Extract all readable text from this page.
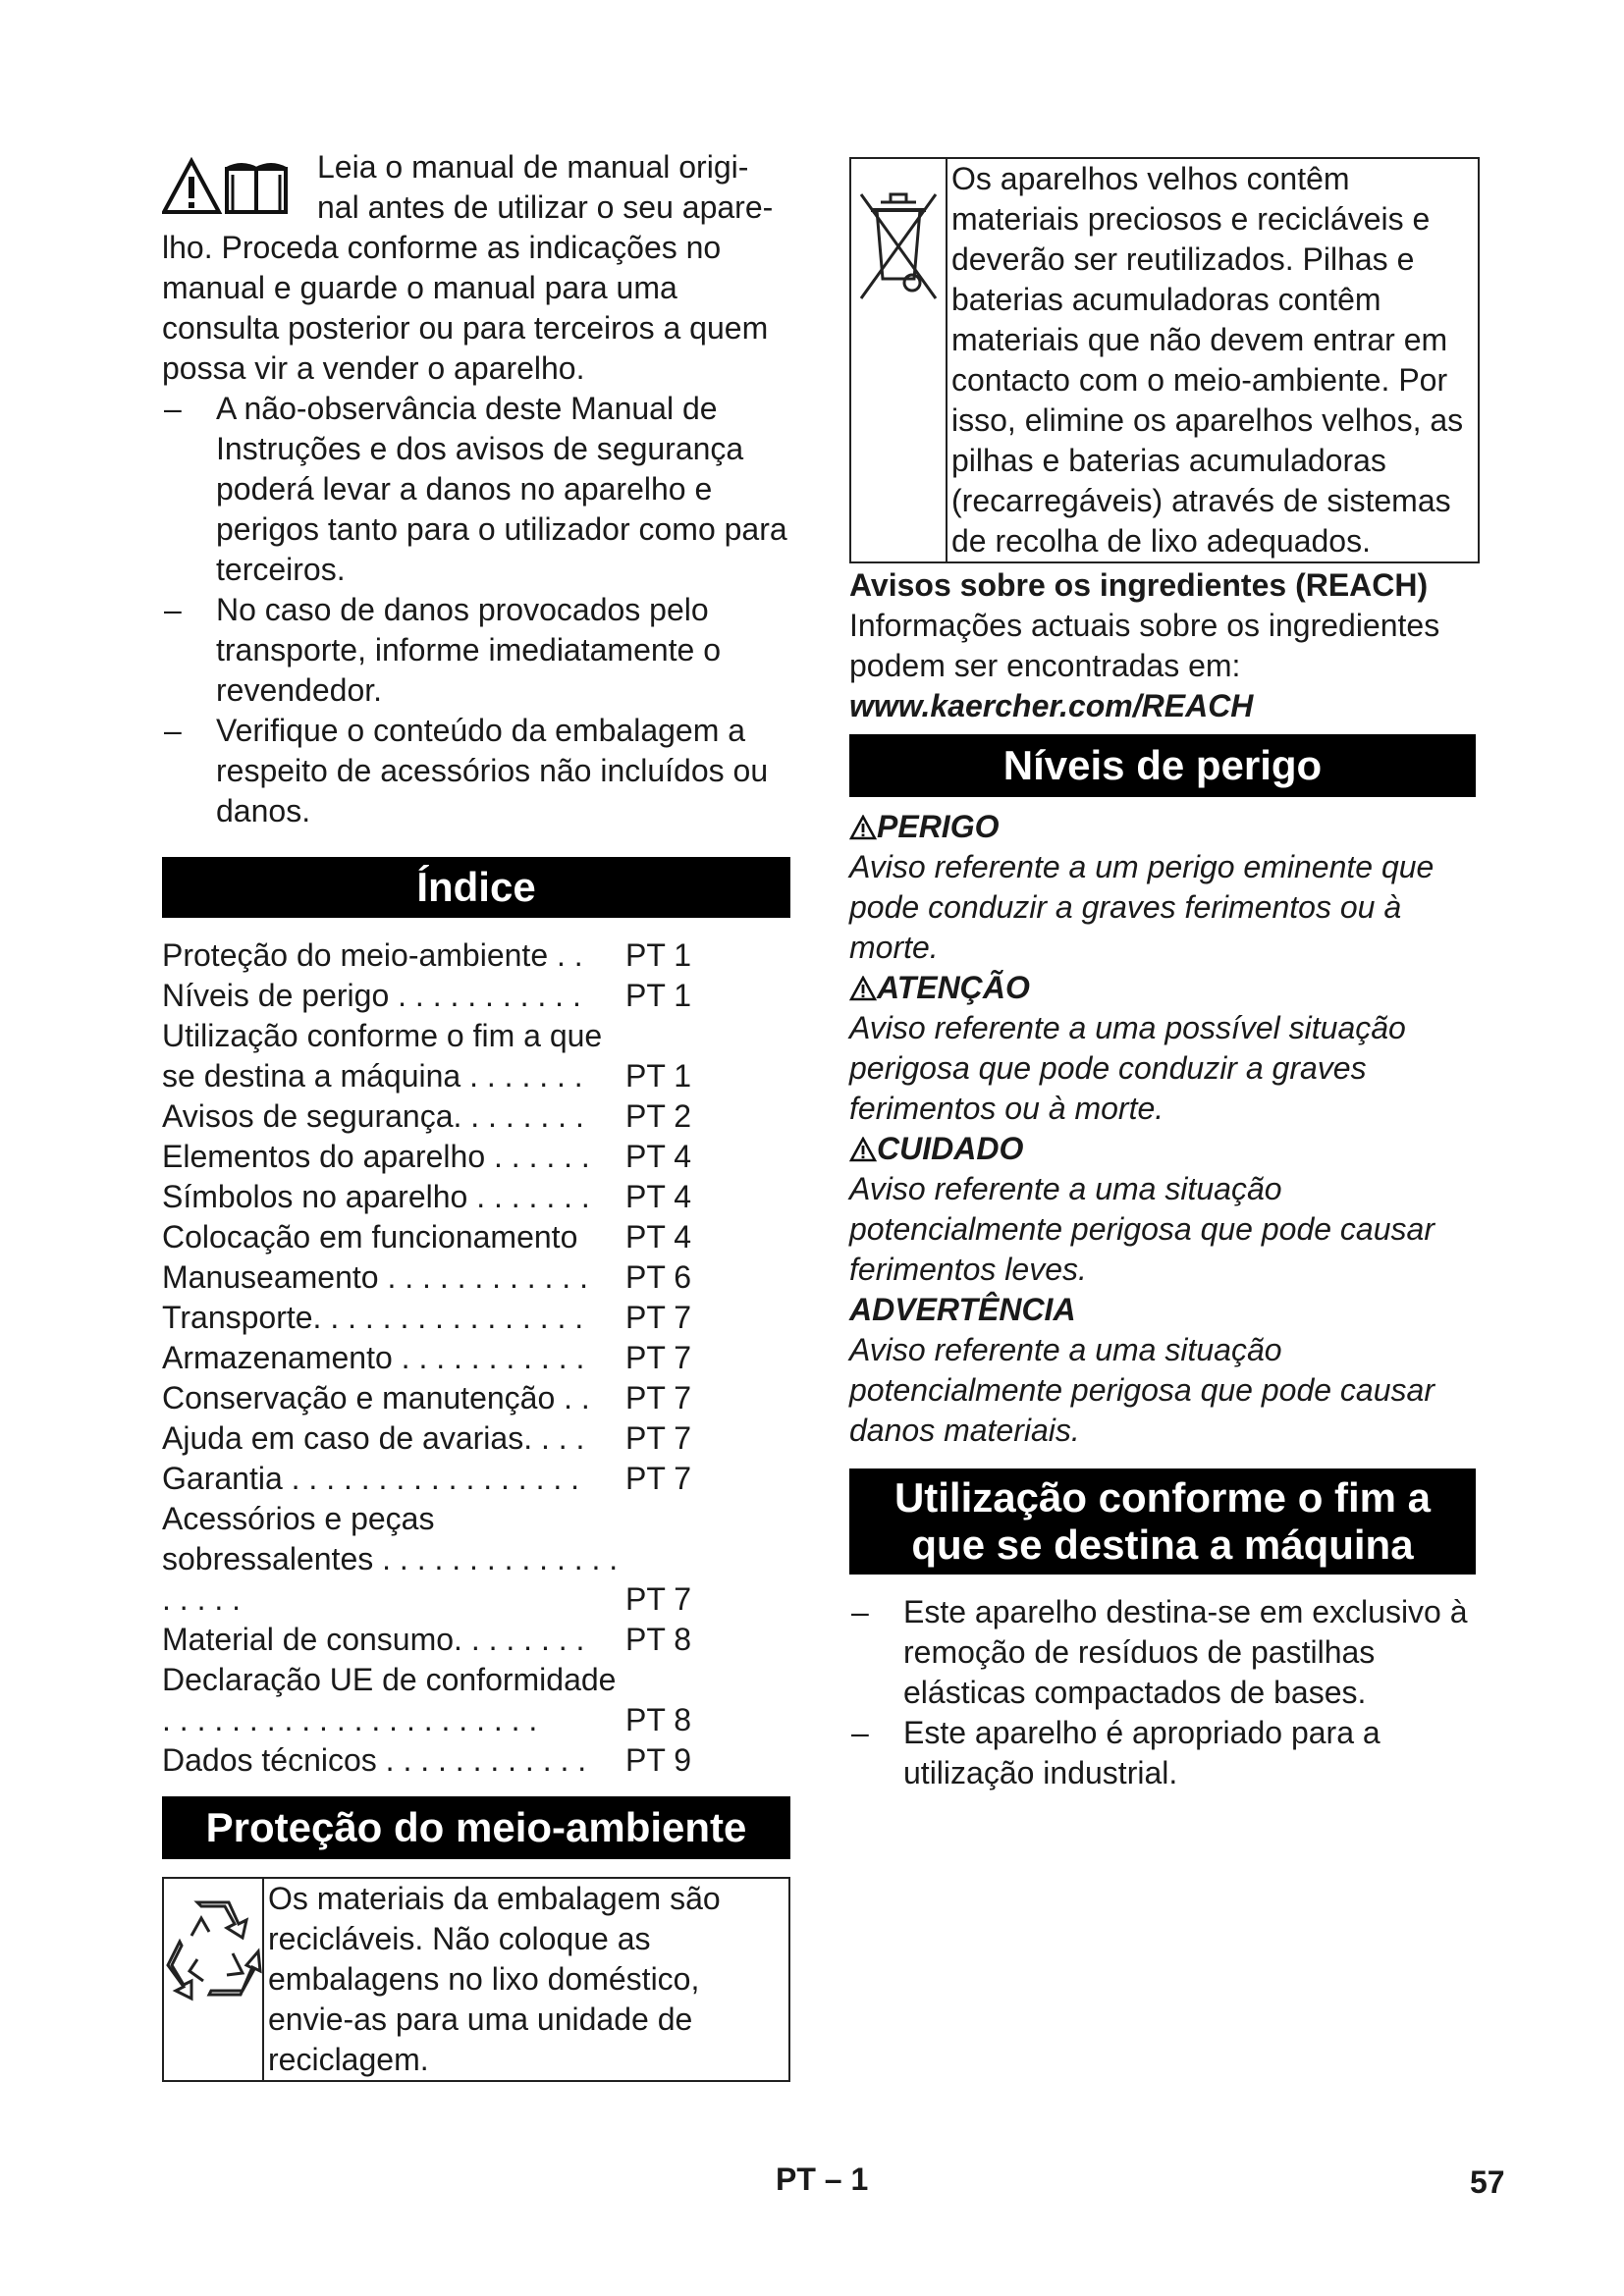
Leia o manual de manual origi-
nal antes de utilizar o seu apare-
lho. Proceda conforme as indicações no manual e guarde o manual para uma consulta posterior ou para terceiros a quem possa vir a vender o aparelho.

– A não-observância deste Manual de Instruções e dos avisos de segurança poderá levar a danos no aparelho e perigos tanto para o utilizador como para terceiros.
– No caso de danos provocados pelo transporte, informe imediatamente o revendedor.
– Verifique o conteúdo da embalagem a respeito de acessórios não incluídos ou danos.
Índice
Proteção do meio-ambiente . .	PT 1
Níveis de perigo . . . . . . . . . . .	PT 1
Utilização conforme o fim a que se destina a máquina . . . . . . .	PT 1
Avisos de segurança. . . . . . . .	PT 2
Elementos do aparelho . . . . . .	PT 4
Símbolos no aparelho . . . . . . .	PT 4
Colocação em funcionamento	PT 4
Manuseamento . . . . . . . . . . . .	PT 6
Transporte. . . . . . . . . . . . . . . .	PT 7
Armazenamento . . . . . . . . . . .	PT 7
Conservação e manutenção . .	PT 7
Ajuda em caso de avarias. . . .	PT 7
Garantia . . . . . . . . . . . . . . . . .	PT 7
Acessórios e peças sobressalentes . . . . . . . . . . . . . . . . . . .	PT 7
Material de consumo. . . . . . . .	PT 8
Declaração UE de conformidade . . . . . . . . . . . . . . . . . . . . . .	PT 8
Dados técnicos . . . . . . . . . . . .	PT 9
Proteção do meio-ambiente
Os materiais da embalagem são recicláveis. Não coloque as embalagens no lixo doméstico, envie-as para uma unidade de reciclagem.
Os aparelhos velhos contêm materiais preciosos e recicláveis e deverão ser reutilizados. Pilhas e baterias acumuladoras contêm materiais que não devem entrar em contacto com o meio-ambiente. Por isso, elimine os aparelhos velhos, as pilhas e baterias acumuladoras (recarregáveis) através de sistemas de recolha de lixo adequados.
Avisos sobre os ingredientes (REACH)

Informações actuais sobre os ingredientes podem ser encontradas em:

www.kaercher.com/REACH
Níveis de perigo
PERIGO
Aviso referente a um perigo eminente que pode conduzir a graves ferimentos ou à morte.
ATENÇÃO
Aviso referente a uma possível situação perigosa que pode conduzir a graves ferimentos ou à morte.
CUIDADO
Aviso referente a uma situação potencialmente perigosa que pode causar ferimentos leves.
ADVERTÊNCIA
Aviso referente a uma situação potencialmente perigosa que pode causar danos materiais.
Utilização conforme o fim a
que se destina a máquina
– Este aparelho destina-se em exclusivo à remoção de resíduos de pastilhas elásticas compactados de bases.
– Este aparelho é apropriado para a utilização industrial.
PT – 1	57
